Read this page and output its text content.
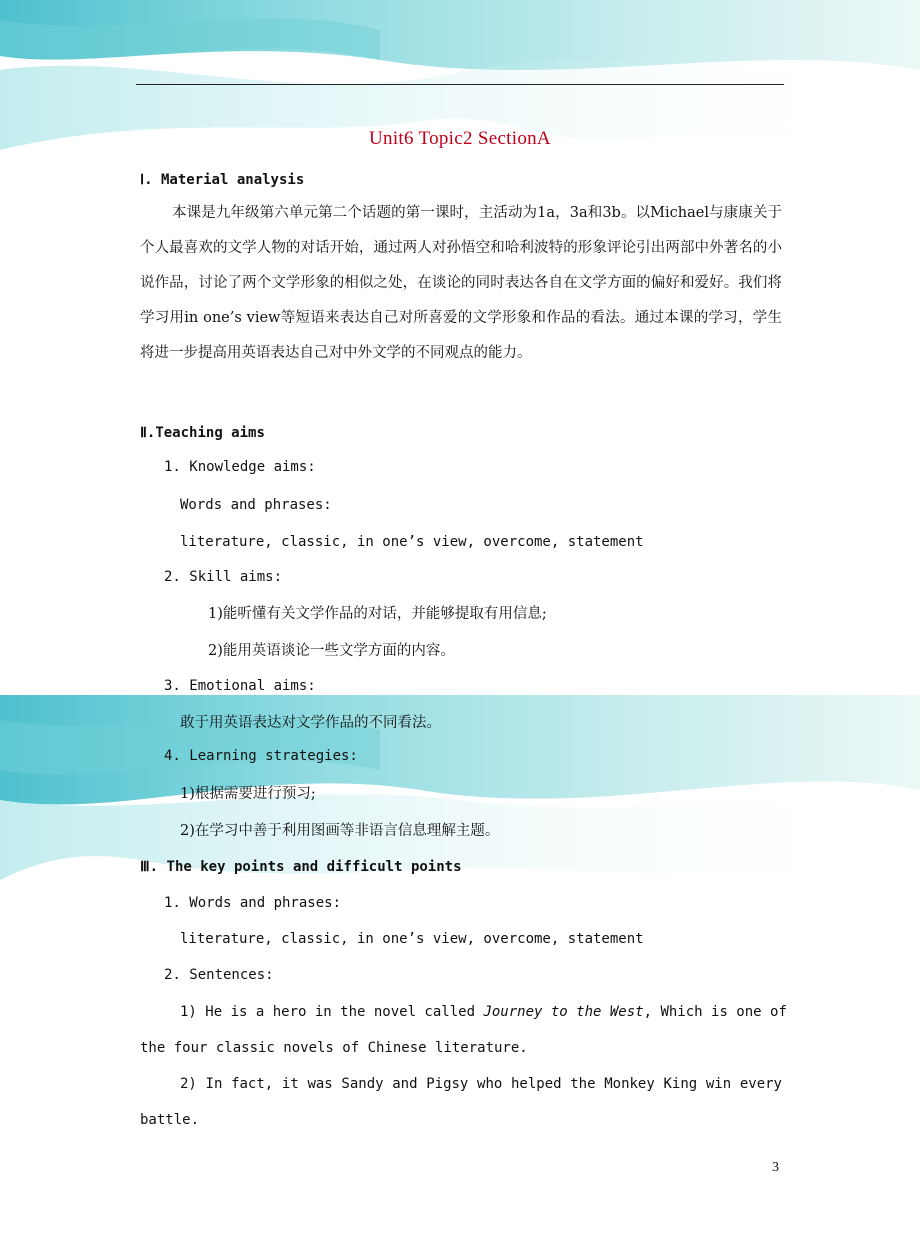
Unit6 Topic2 SectionA
Ⅰ. Material analysis

本课是九年级第六单元第二个话题的第一课时，主活动为1a，3a和3b。以Michael与康康关于个人最喜欢的文学人物的对话开始，通过两人对孙悟空和哈利波特的形象评论引出两部中外著名的小说作品，讨论了两个文学形象的相似之处，在谈论的同时表达各自在文学方面的偏好和爱好。我们将学习用in one’s view等短语来表达自己对所喜爱的文学形象和作品的看法。通过本课的学习，学生将进一步提高用英语表达自己对中外文学的不同观点的能力。

Ⅱ.Teaching aims
1. Knowledge aims:
Words and phrases:
literature, classic, in one’s view, overcome, statement
2. Skill aims:
1)能听懂有关文学作品的对话，并能够提取有用信息;
2)能用英语谈论一些文学方面的内容。
3. Emotional aims:
敢于用英语表达对文学作品的不同看法。
4. Learning strategies:
1)根据需要进行预习;
2)在学习中善于利用图画等非语言信息理解主题。
Ⅲ. The key points and difficult points
1. Words and phrases:
literature, classic, in one’s view, overcome, statement
2. Sentences:
1) He is a hero in the novel called Journey to the West, Which is one of
the four classic novels of Chinese literature.
2) In fact, it was Sandy and Pigsy who helped the Monkey King win every
battle.
3
